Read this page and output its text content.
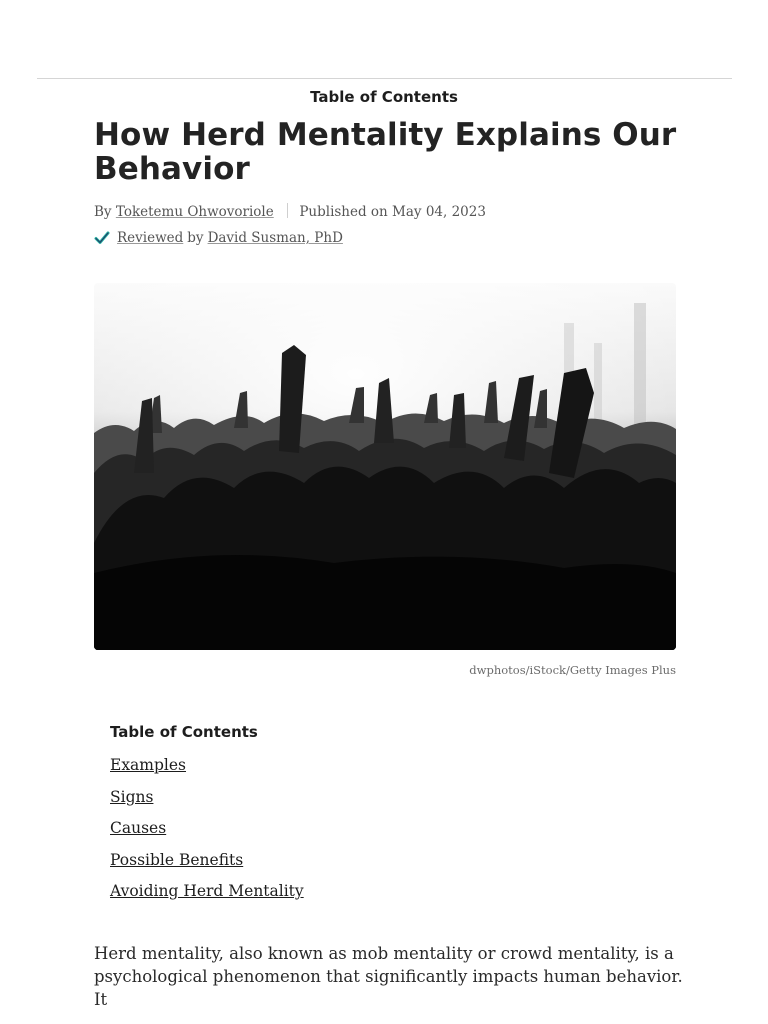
Table of Contents
How Herd Mentality Explains Our Behavior
By Toketemu Ohwovoriole Published on May 04, 2023
Reviewed by David Susman, PhD
dwphotos/iStock/Getty Images Plus
Table of Contents
Examples
Signs
Causes
Possible Benefits
Avoiding Herd Mentality

Herd mentality, also known as mob mentality or crowd mentality, is a
psychological phenomenon that significantly impacts human behavior. It
